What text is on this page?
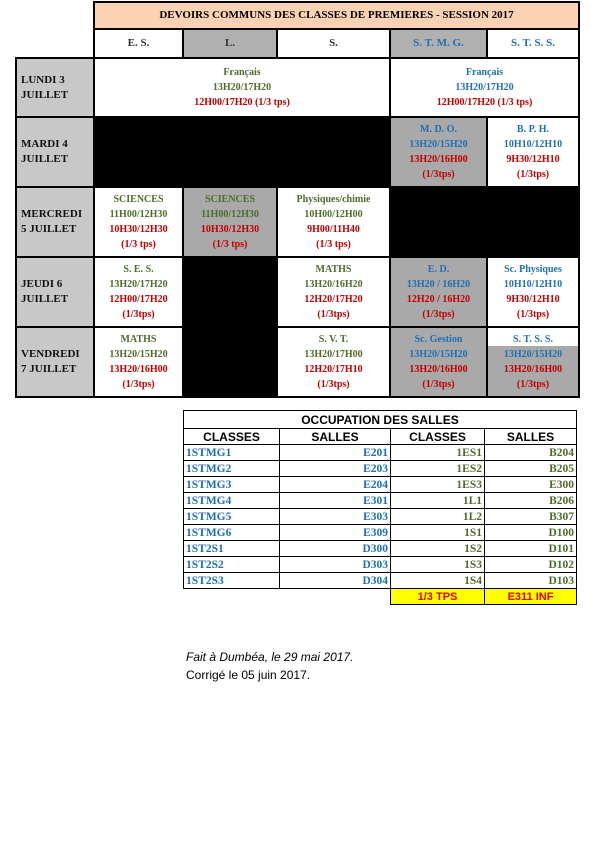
	DEVOIRS COMMUNS DES CLASSES DE PREMIERES - SESSION 2017				
	E. S.	L.	S.	S. T. M. G.	S. T. S. S.

LUNDI 3
JUILLET	Français
13H20/17H20
12H00/17H20 (1/3 tps)			Français
13H20/17H20
12H00/17H20 (1/3 tps)	

MARDI 4
JUILLET				M. D. O.
13H20/15H20
13H20/16H00
(1/3tps)	B. P. H.
10H10/12H10
9H30/12H10
(1/3tps)

MERCREDI
5 JUILLET	SCIENCES
11H00/12H30
10H30/12H30
(1/3 tps)	SCIENCES
11H00/12H30
10H30/12H30
(1/3 tps)	Physiques/chimie
10H00/12H00
9H00/11H40
(1/3 tps)		

JEUDI 6
JUILLET	S. E. S.
13H20/17H20
12H00/17H20
(1/3tps)		MATHS
13H20/16H20
12H20/17H20
(1/3tps)	E. D.
13H20 / 16H20
12H20 / 16H20
(1/3tps)	Sc. Physiques
10H10/12H10
9H30/12H10
(1/3tps)

VENDREDI
7 JUILLET	MATHS
13H20/15H20
13H20/16H00
(1/3tps)		S. V. T.
13H20/17H00
12H20/17H10
(1/3tps)	Sc. Gestion
13H20/15H20
13H20/16H00
(1/3tps)	S. T. S. S.
13H20/15H20
13H20/16H00
(1/3tps)
OCCUPATION DES SALLES			
CLASSES	SALLES	CLASSES	SALLES
1STMG1	E201	1ES1	B204
1STMG2	E203	1ES2	B205
1STMG3	E204	1ES3	E300
1STMG4	E301	1L1	B206
1STMG5	E303	1L2	B307
1STMG6	E309	1S1	D100
1ST2S1	D300	1S2	D101
1ST2S2	D303	1S3	D102
1ST2S3	D304	1S4	D103
		1/3 TPS	E311 INF
Fait à Dumbéa, le 29 mai 2017.
Corrigé le 05 juin 2017.
